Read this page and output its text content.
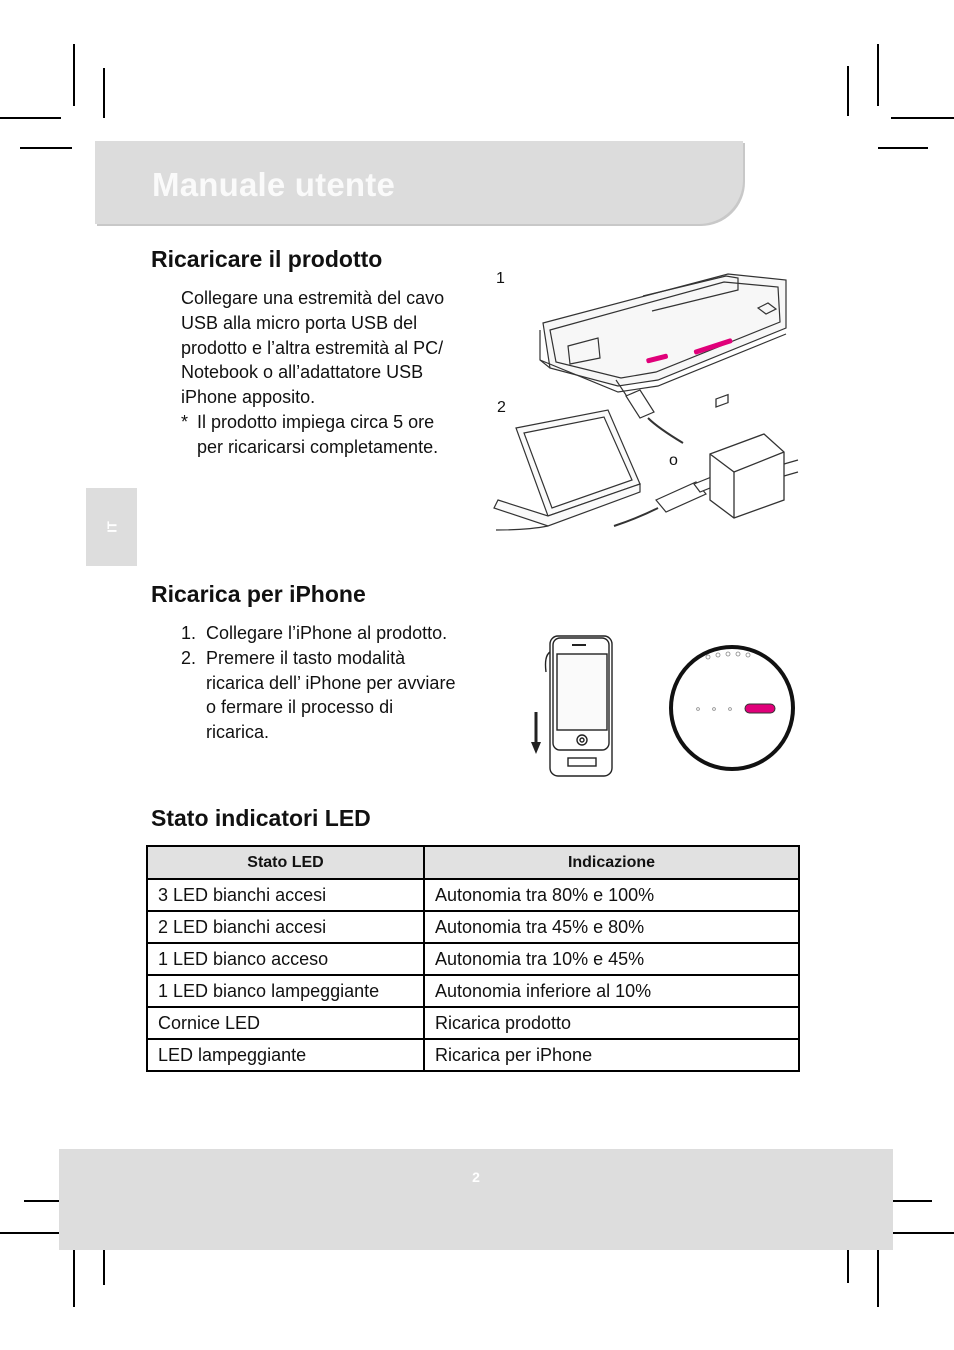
Manuale utente
IT
Ricaricare il prodotto

Collegare una estremità del cavo

USB alla micro porta USB del

prodotto e l’altra estremità al PC/

Notebook o all’adattatore USB

iPhone apposito.

* Il prodotto impiega circa 5 ore

per ricaricarsi completamente.

1
2
o
Ricarica per iPhone
1. Collegare l’iPhone al prodotto.

2. Premere il tasto modalità

ricarica dell’ iPhone per avviare

o fermare il processo di

ricarica.

Stato indicatori LED
Stato LED	Indicazione
3 LED bianchi accesi	Autonomia tra 80% e 100%
2 LED bianchi accesi	Autonomia tra 45% e 80%
1 LED bianco acceso	Autonomia tra 10% e 45%
1 LED bianco lampeggiante	Autonomia inferiore al 10%
Cornice LED	Ricarica prodotto
LED lampeggiante	Ricarica per iPhone
2
